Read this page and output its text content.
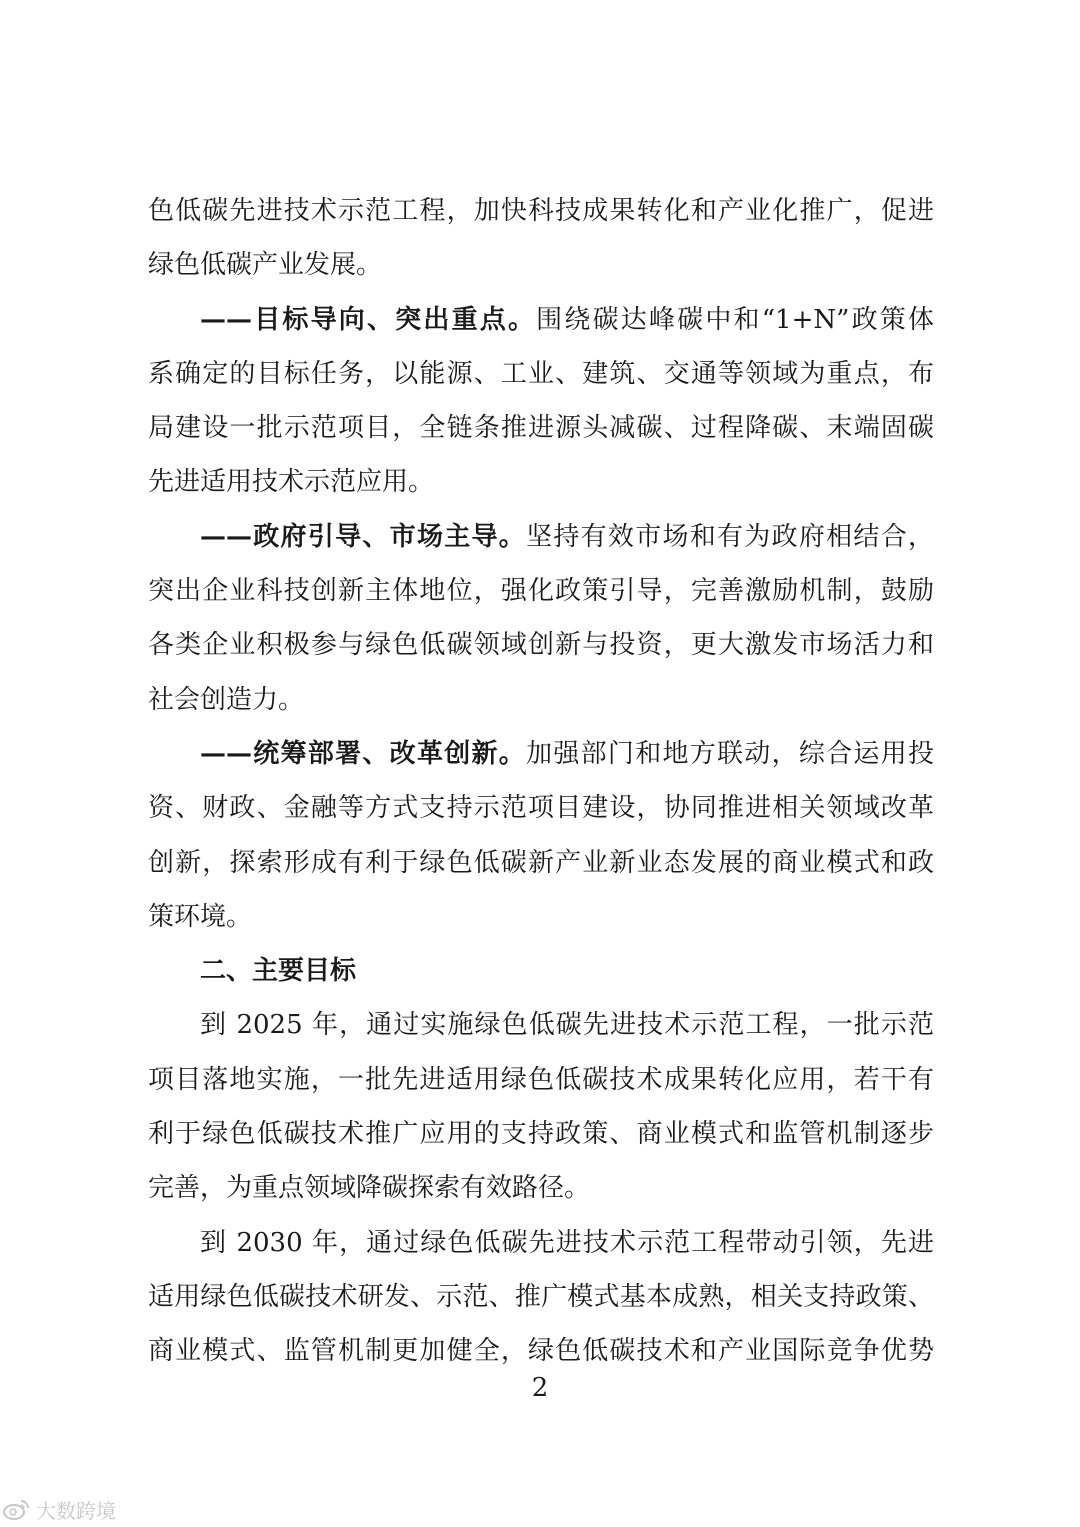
色低碳先进技术示范工程，加快科技成果转化和产业化推广，促进
绿色低碳产业发展。
——目标导向、突出重点。围绕碳达峰碳中和“1+N”政策体
系确定的目标任务，以能源、工业、建筑、交通等领域为重点，布
局建设一批示范项目，全链条推进源头减碳、过程降碳、末端固碳
先进适用技术示范应用。
——政府引导、市场主导。坚持有效市场和有为政府相结合，
突出企业科技创新主体地位，强化政策引导，完善激励机制，鼓励
各类企业积极参与绿色低碳领域创新与投资，更大激发市场活力和
社会创造力。
——统筹部署、改革创新。加强部门和地方联动，综合运用投
资、财政、金融等方式支持示范项目建设，协同推进相关领域改革
创新，探索形成有利于绿色低碳新产业新业态发展的商业模式和政
策环境。
二、主要目标
到 2025 年，通过实施绿色低碳先进技术示范工程，一批示范
项目落地实施，一批先进适用绿色低碳技术成果转化应用，若干有
利于绿色低碳技术推广应用的支持政策、商业模式和监管机制逐步
完善，为重点领域降碳探索有效路径。
到 2030 年，通过绿色低碳先进技术示范工程带动引领，先进
适用绿色低碳技术研发、示范、推广模式基本成熟，相关支持政策、
商业模式、监管机制更加健全，绿色低碳技术和产业国际竞争优势
2
大数跨境
